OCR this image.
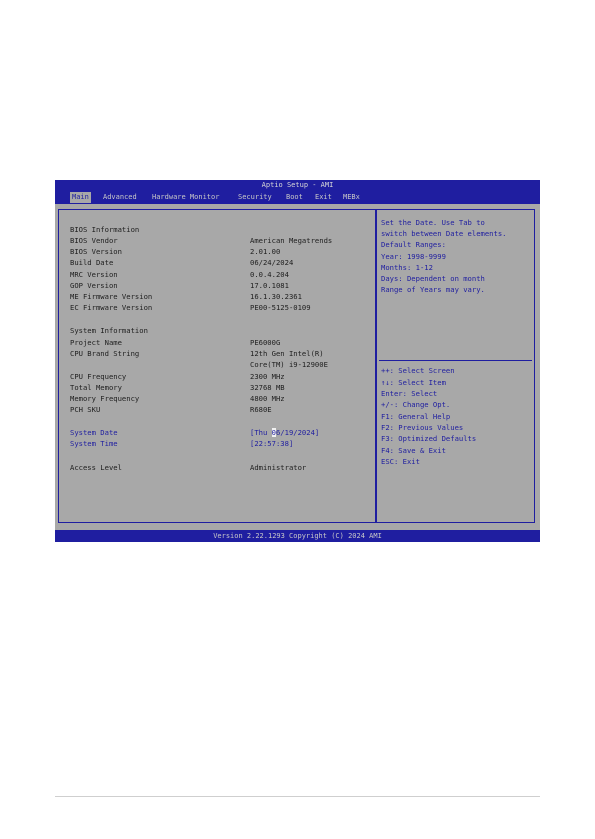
Aptio Setup - AMI
Main Advanced Hardware Monitor	Security Boot Exit MEBx
BIOS Information
BIOS Vendor	American Megatrends
BIOS Version	2.01.00
Build Date	06/24/2024
MRC Version	0.0.4.204
GOP Version	17.0.1081
ME Firmware Version	16.1.30.2361
EC Firmware Version	PE00-5125-0109
System Information
Project Name	PE6000G
CPU Brand String	12th Gen Intel(R)
Core(TM) i9-12900E
CPU Frequency	2300 MHz
Total Memory	32768 MB
Memory Frequency	4800 MHz
PCH SKU	R680E
System Date	[Thu 06/19/2024]
System Time	[22:57:38]
Access Level	Administrator
Set the Date. Use Tab to
switch between Date elements.
Default Ranges:
Year: 1998-9999
Months: 1-12
Days: Dependent on month
Range of Years may vary.
++: Select Screen
↑↓: Select Item
Enter: Select
+/-: Change Opt.
F1: General Help
F2: Previous Values
F3: Optimized Defaults
F4: Save & Exit
ESC: Exit
Version 2.22.1293 Copyright (C) 2024 AMI
